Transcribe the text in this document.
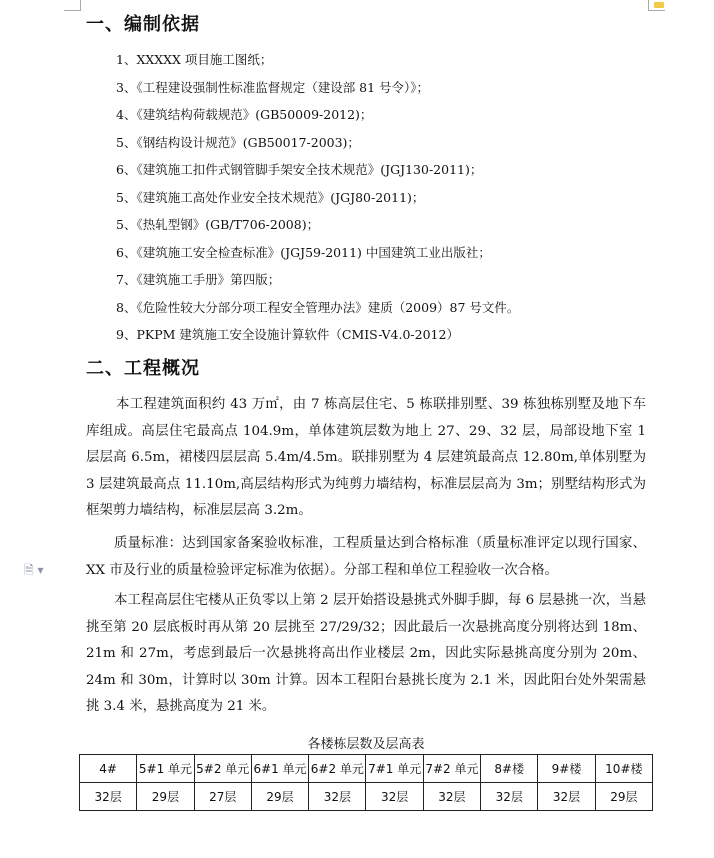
一、编制依据
1、XXXXX 项目施工图纸；
3、《工程建设强制性标准监督规定（建设部 81 号令）》；
4、《建筑结构荷载规范》(GB50009-2012)；
5、《钢结构设计规范》(GB50017-2003)；
6、《建筑施工扣件式钢管脚手架安全技术规范》(JGJ130-2011)；
5、《建筑施工高处作业安全技术规范》(JGJ80-2011)；
5、《热轧型钢》(GB/T706-2008)；
6、《建筑施工安全检查标准》(JGJ59-2011) 中国建筑工业出版社；
7、《建筑施工手册》第四版；
8、《危险性较大分部分项工程安全管理办法》建质（2009）87 号文件。
9、PKPM 建筑施工安全设施计算软件（CMIS-V4.0-2012）
二、工程概况

本工程建筑面积约 43 万㎡，由 7 栋高层住宅、5 栋联排别墅、39 栋独栋别墅及地下车库组成。高层住宅最高点 104.9m，单体建筑层数为地上 27、29、32 层，局部设地下室 1 层层高 6.5m，裙楼四层层高 5.4m/4.5m。联排别墅为 4 层建筑最高点 12.80m,单体别墅为 3 层建筑最高点 11.10m,高层结构形式为纯剪力墙结构，标准层层高为 3m；别墅结构形式为框架剪力墙结构，标准层层高 3.2m。

质量标准：达到国家备案验收标准，工程质量达到合格标准（质量标准评定以现行国家、XX 市及行业的质量检验评定标准为依据）。分部工程和单位工程验收一次合格。

本工程高层住宅楼从正负零以上第 2 层开始搭设悬挑式外脚手脚，每 6 层悬挑一次，当悬挑至第 20 层底板时再从第 20 层挑至 27/29/32；因此最后一次悬挑高度分别将达到 18m、21m 和 27m，考虑到最后一次悬挑将高出作业楼层 2m，因此实际悬挑高度分别为 20m、24m 和 30m，计算时以 30m 计算。因本工程阳台悬挑长度为 2.1 米，因此阳台处外架需悬挑 3.4 米，悬挑高度为 21 米。

🗎 ▾
各楼栋层数及层高表
4#	5#1 单元	5#2 单元	6#1 单元	6#2 单元	7#1 单元	7#2 单元	8#楼	9#楼	10#楼
32层	29层	27层	29层	32层	32层	32层	32层	32层	29层
